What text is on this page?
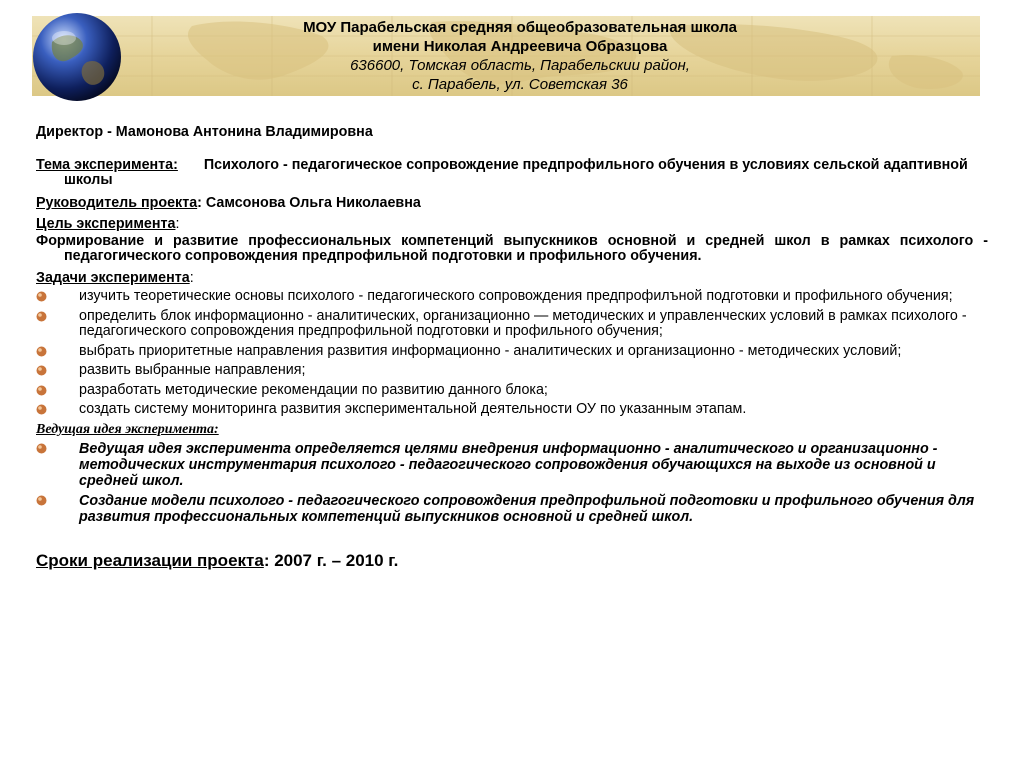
МОУ Парабельская средняя общеобразовательная школа
имени Николая Андреевича Образцова
636600, Томская область, Парабельскии район,
с. Парабель, ул. Советская 36

Директор - Мамонова Антонина Владимировна

Тема эксперимента: Психолого - педагогическое сопровождение предпрофильного обучения в условиях сельской адаптивной школы

Руководитель проекта: Самсонова Ольга Николаевна

Цель эксперимента:

Формирование и развитие профессиональных компетенций выпускников основной и средней школ в рамках психолого - педагогического сопровождения предпрофильной подготовки и профильного обучения.

Задачи эксперимента:

изучить теоретические основы психолого - педагогического сопровождения предпрофилъной подготовки и профильного обучения;
определить блок информационно - аналитических, организационно — методических и управленческих условий в рамках психолого - педагогического сопровождения предпрофильной подготовки и профильного обучения;
выбрать приоритетные направления развития информационно - аналитических и организационно - методических условий;
развить выбранные направления;
разработать методические рекомендации по развитию данного блока;
создать систему мониторинга развития экспериментальной деятельности ОУ по указанным этапам.

Ведущая идея эксперимента:

Ведущая идея эксперимента определяется целями внедрения информационно - аналитического и организационно - методических инструментария психолого - педагогического сопровождения обучающихся на выходе из основной и средней школ.
Создание модели психолого - педагогического сопровождения предпрофильной подготовки и профильного обучения для развития профессиональных компетенций выпускников основной и средней школ.

Сроки реализации проекта: 2007 г. – 2010 г.
